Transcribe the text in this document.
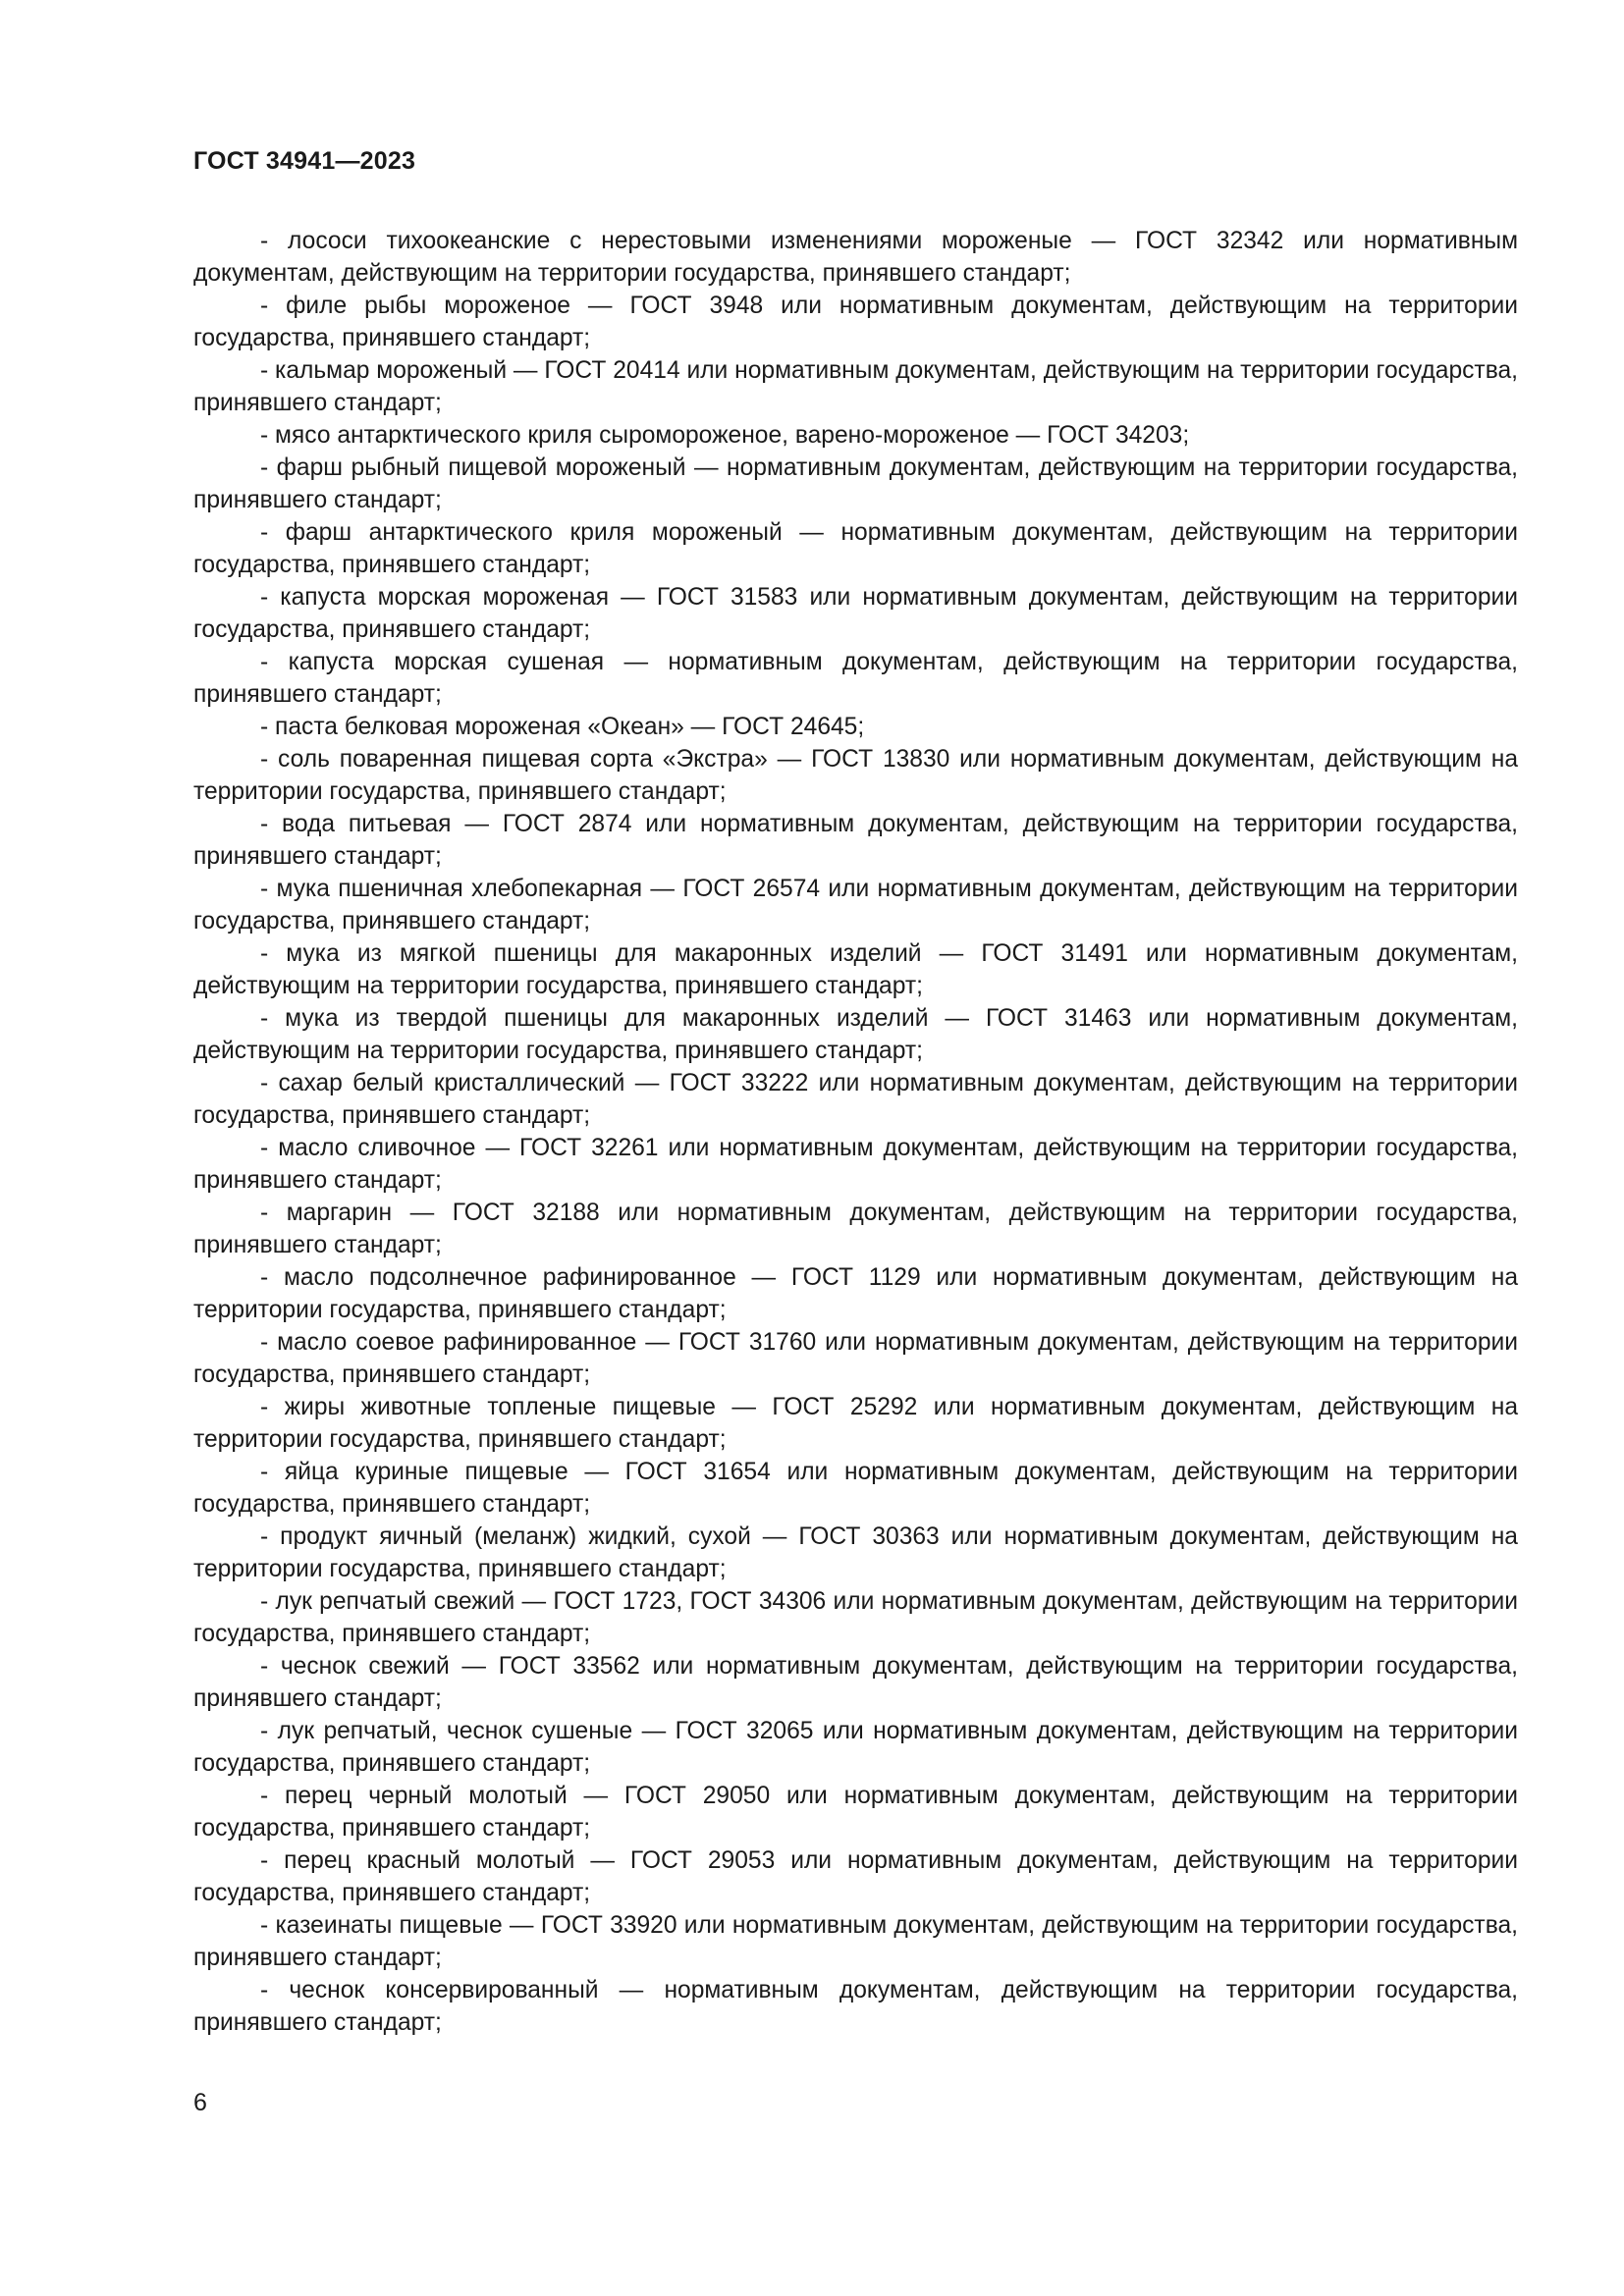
ГОСТ 34941—2023

- лососи тихоокеанские с нерестовыми изменениями мороженые — ГОСТ 32342 или нормативным документам, действующим на территории государства, принявшего стандарт;

- филе рыбы мороженое — ГОСТ 3948 или нормативным документам, действующим на территории государства, принявшего стандарт;

- кальмар мороженый — ГОСТ 20414 или нормативным документам, действующим на территории государства, принявшего стандарт;

- мясо антарктического криля сыромороженое, варено-мороженое — ГОСТ 34203;

- фарш рыбный пищевой мороженый — нормативным документам, действующим на территории государства, принявшего стандарт;

- фарш антарктического криля мороженый — нормативным документам, действующим на территории государства, принявшего стандарт;

- капуста морская мороженая — ГОСТ 31583 или нормативным документам, действующим на территории государства, принявшего стандарт;

- капуста морская сушеная — нормативным документам, действующим на территории государства, принявшего стандарт;

- паста белковая мороженая «Океан» — ГОСТ 24645;

- соль поваренная пищевая сорта «Экстра» — ГОСТ 13830 или нормативным документам, действующим на территории государства, принявшего стандарт;

- вода питьевая — ГОСТ 2874 или нормативным документам, действующим на территории государства, принявшего стандарт;

- мука пшеничная хлебопекарная — ГОСТ 26574 или нормативным документам, действующим на территории государства, принявшего стандарт;

- мука из мягкой пшеницы для макаронных изделий — ГОСТ 31491 или нормативным документам, действующим на территории государства, принявшего стандарт;

- мука из твердой пшеницы для макаронных изделий — ГОСТ 31463 или нормативным документам, действующим на территории государства, принявшего стандарт;

- сахар белый кристаллический — ГОСТ 33222 или нормативным документам, действующим на территории государства, принявшего стандарт;

- масло сливочное — ГОСТ 32261 или нормативным документам, действующим на территории государства, принявшего стандарт;

- маргарин — ГОСТ 32188 или нормативным документам, действующим на территории государства, принявшего стандарт;

- масло подсолнечное рафинированное — ГОСТ 1129 или нормативным документам, действующим на территории государства, принявшего стандарт;

- масло соевое рафинированное — ГОСТ 31760 или нормативным документам, действующим на территории государства, принявшего стандарт;

- жиры животные топленые пищевые — ГОСТ 25292 или нормативным документам, действующим на территории государства, принявшего стандарт;

- яйца куриные пищевые — ГОСТ 31654 или нормативным документам, действующим на территории государства, принявшего стандарт;

- продукт яичный (меланж) жидкий, сухой — ГОСТ 30363 или нормативным документам, действующим на территории государства, принявшего стандарт;

- лук репчатый свежий — ГОСТ 1723, ГОСТ 34306 или нормативным документам, действующим на территории государства, принявшего стандарт;

- чеснок свежий — ГОСТ 33562 или нормативным документам, действующим на территории государства, принявшего стандарт;

- лук репчатый, чеснок сушеные — ГОСТ 32065 или нормативным документам, действующим на территории государства, принявшего стандарт;

- перец черный молотый — ГОСТ 29050 или нормативным документам, действующим на территории государства, принявшего стандарт;

- перец красный молотый — ГОСТ 29053 или нормативным документам, действующим на территории государства, принявшего стандарт;

- казеинаты пищевые — ГОСТ 33920 или нормативным документам, действующим на территории государства, принявшего стандарт;

- чеснок консервированный — нормативным документам, действующим на территории государства, принявшего стандарт;

6
